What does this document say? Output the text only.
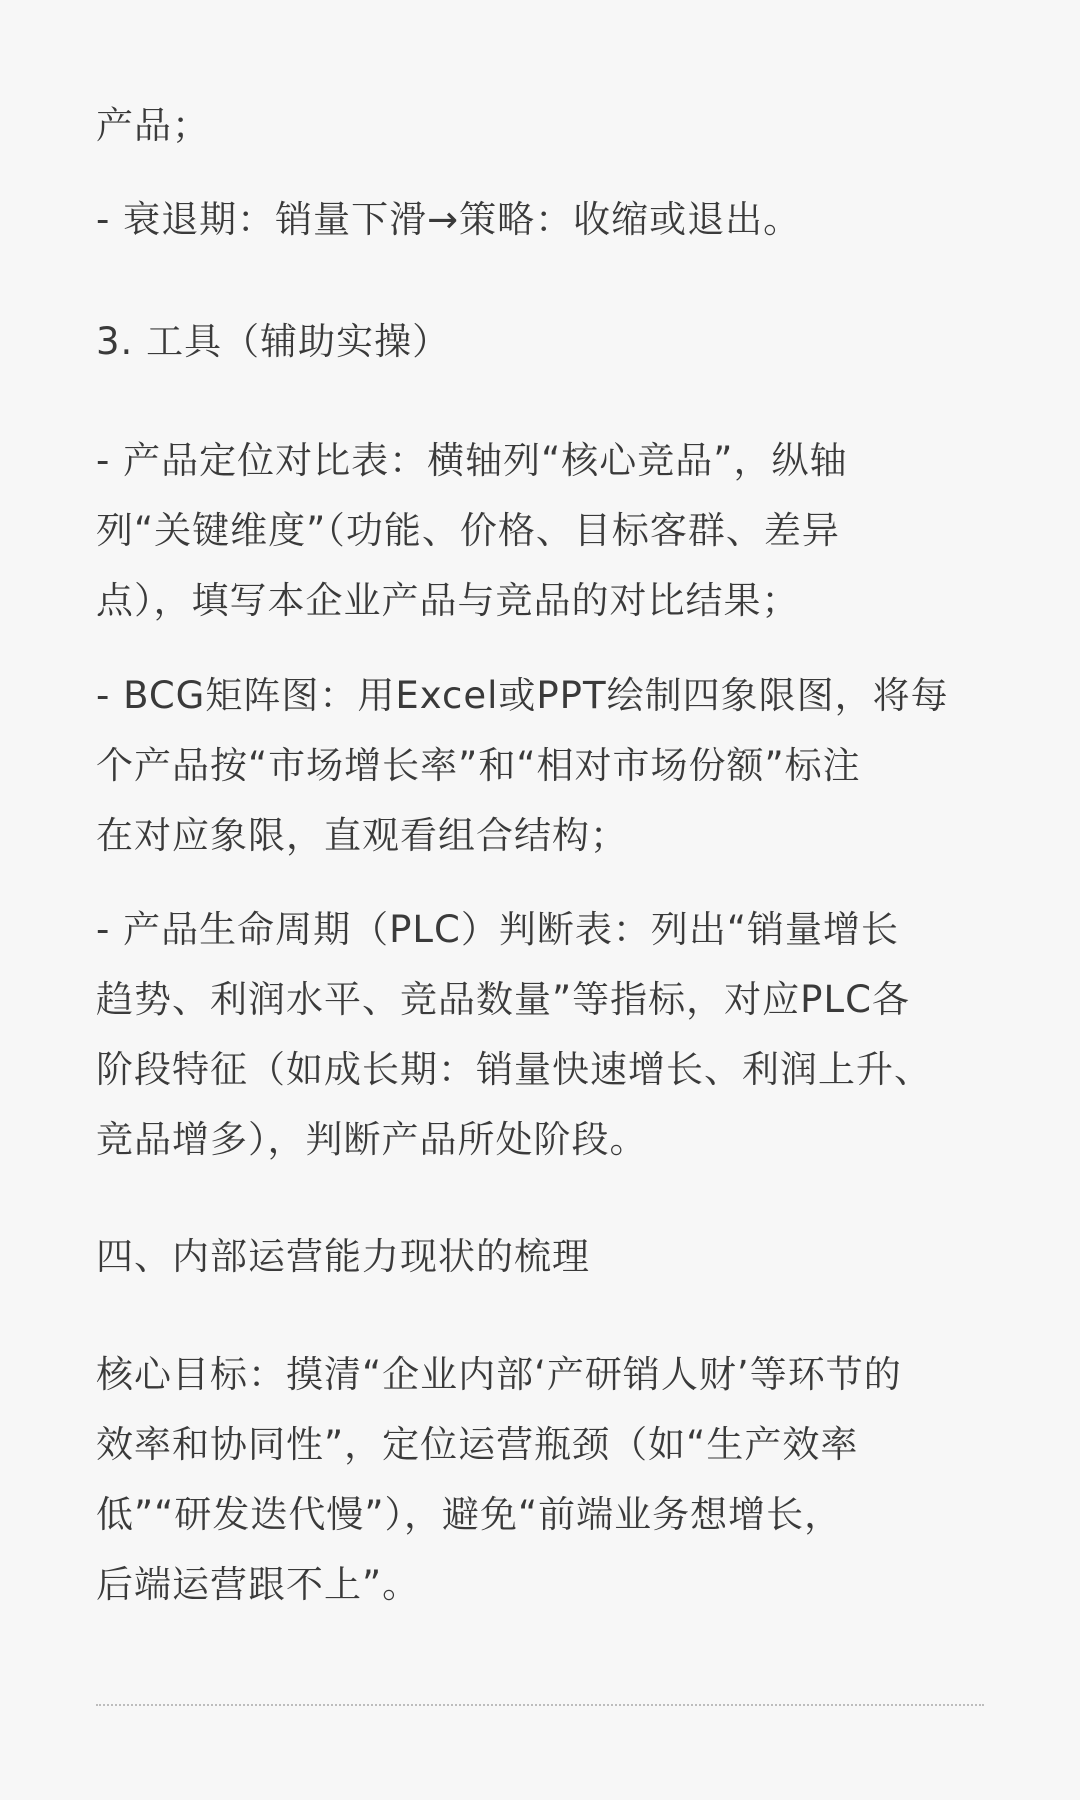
产品；
- 衰退期：销量下滑→策略：收缩或退出。
3. 工具（辅助实操）
- 产品定位对比表：横轴列“核心竞品”，纵轴
列“关键维度”（功能、价格、目标客群、差异
点），填写本企业产品与竞品的对比结果；
- BCG矩阵图：用Excel或PPT绘制四象限图，将每
个产品按“市场增长率”和“相对市场份额”标注
在对应象限，直观看组合结构；
- 产品生命周期（PLC）判断表：列出“销量增长
趋势、利润水平、竞品数量”等指标，对应PLC各
阶段特征（如成长期：销量快速增长、利润上升、
竞品增多），判断产品所处阶段。
四、内部运营能力现状的梳理
核心目标：摸清“企业内部‘产研销人财’等环节的
效率和协同性”，定位运营瓶颈（如“生产效率
低”“研发迭代慢”），避免“前端业务想增长，
后端运营跟不上”。
